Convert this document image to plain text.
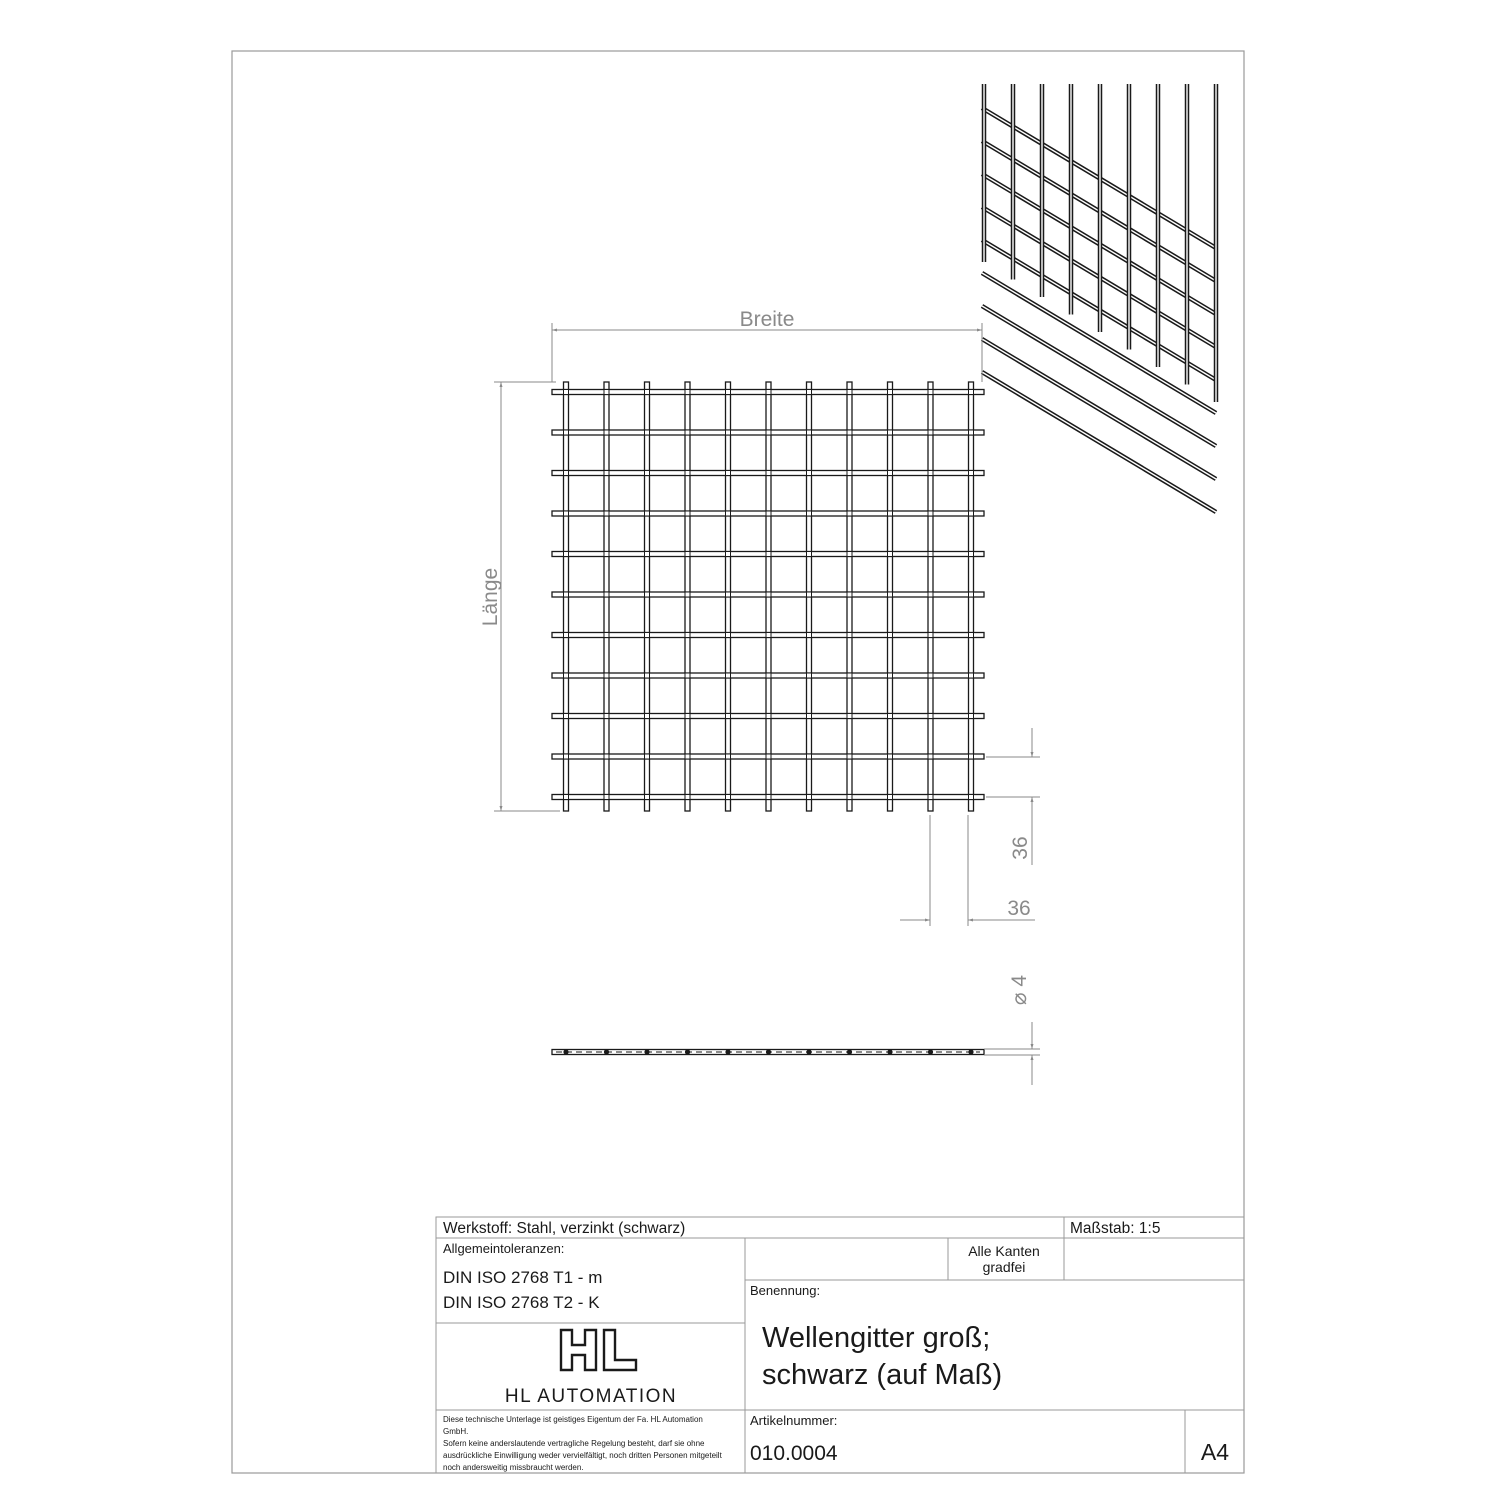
Breite
Länge
36
36
⌀ 4
Werkstoff: Stahl, verzinkt (schwarz)	Maßstab: 1:5
Allgemeintoleranzen:
DIN ISO 2768 T1 - m
DIN ISO 2768 T2 - K
Alle Kanten
gradfei
Benennung:
Wellengitter groß;
schwarz (auf Maß)
HL AUTOMATION
Diese technische Unterlage ist geistiges Eigentum der Fa. HL Automation
GmbH.
Sofern keine anderslautende vertragliche Regelung besteht, darf sie ohne
ausdrückliche Einwilligung weder vervielfältigt, noch dritten Personen mitgeteilt
noch andersweitig missbraucht werden.
Artikelnummer:
010.0004	A4
